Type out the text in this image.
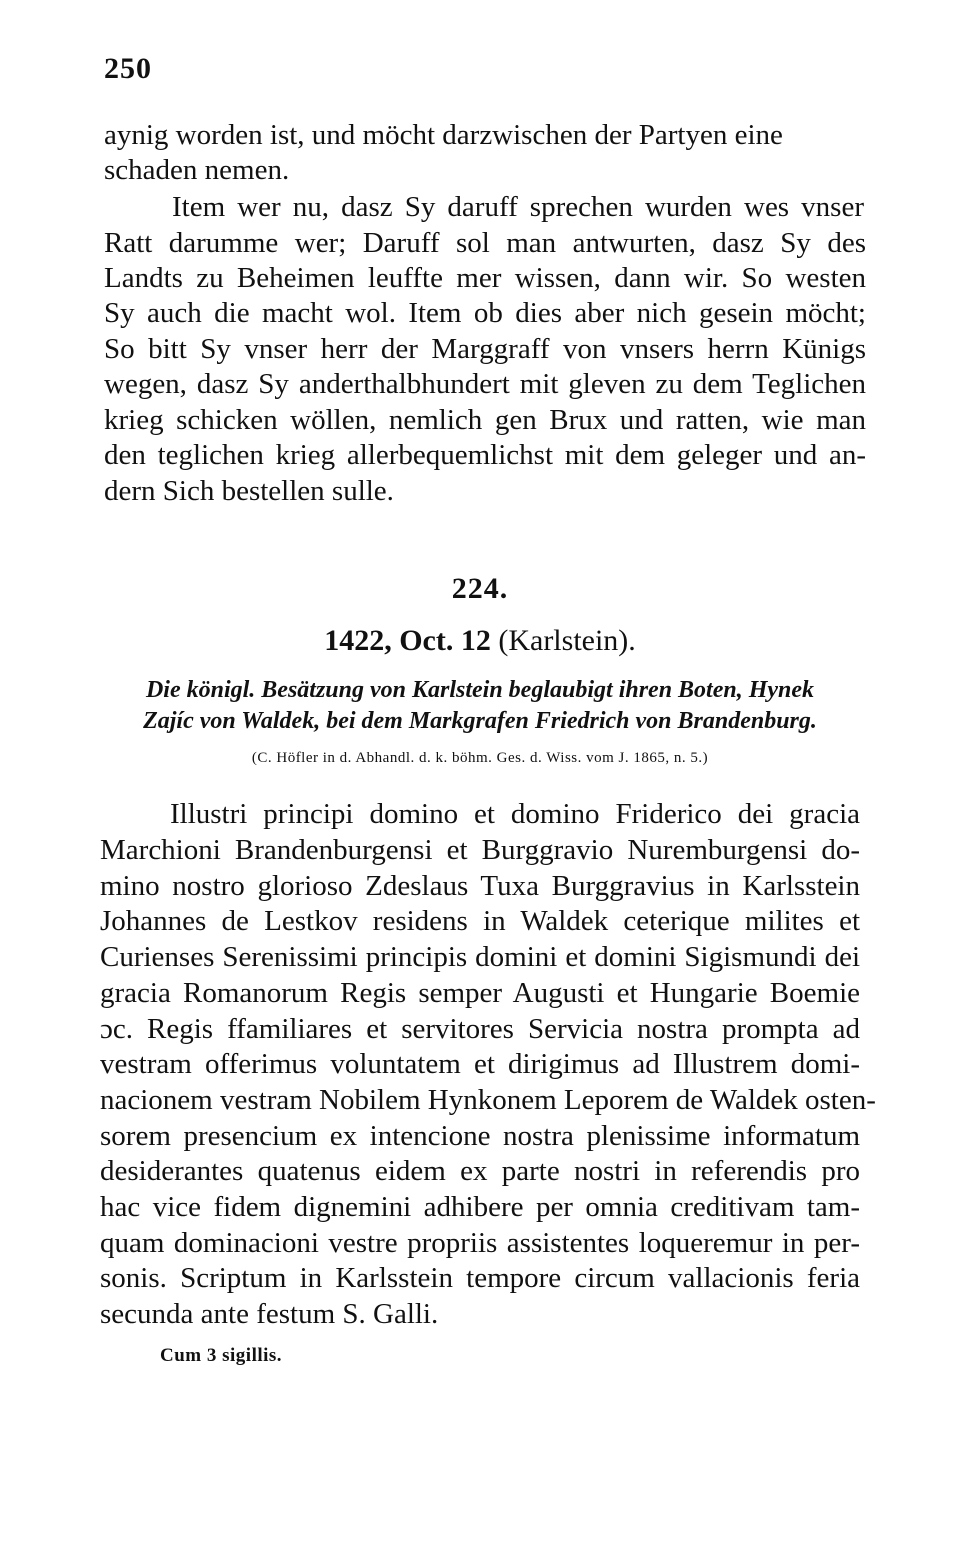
250
aynig worden ist, und möcht darzwischen der Partyen eine
schaden nemen.
Item wer nu, dasz Sy daruff sprechen wurden wes vnser
Ratt darumme wer; Daruff sol man antwurten, dasz Sy des
Landts zu Beheimen leuffte mer wissen, dann wir. So westen
Sy auch die macht wol. Item ob dies aber nich gesein möcht;
So bitt Sy vnser herr der Marggraff von vnsers herrn Künigs
wegen, dasz Sy anderthalbhundert mit gleven zu dem Teglichen
krieg schicken wöllen, nemlich gen Brux und ratten, wie man
den teglichen krieg allerbequemlichst mit dem geleger und an-
dern Sich bestellen sulle.
224.
1422, Oct. 12 (Karlstein).
Die königl. Besätzung von Karlstein beglaubigt ihren Boten, Hynek
Zajíc von Waldek, bei dem Markgrafen Friedrich von Brandenburg.
(C. Höfler in d. Abhandl. d. k. böhm. Ges. d. Wiss. vom J. 1865, n. 5.)
Illustri principi domino et domino Friderico dei gracia
Marchioni Brandenburgensi et Burggravio Nuremburgensi do-
mino nostro glorioso Zdeslaus Tuxa Burggravius in Karlsstein
Johannes de Lestkov residens in Waldek ceterique milites et
Curienses Serenissimi principis domini et domini Sigismundi dei
gracia Romanorum Regis semper Augusti et Hungarie Boemie
ɔc. Regis ffamiliares et servitores Servicia nostra prompta ad
vestram offerimus voluntatem et dirigimus ad Illustrem domi-
nacionem vestram Nobilem Hynkonem Leporem de Waldek osten-
sorem presencium ex intencione nostra plenissime informatum
desiderantes quatenus eidem ex parte nostri in referendis pro
hac vice fidem dignemini adhibere per omnia creditivam tam-
quam dominacioni vestre propriis assistentes loqueremur in per-
sonis. Scriptum in Karlsstein tempore circum vallacionis feria
secunda ante festum S. Galli.
Cum 3 sigillis.
